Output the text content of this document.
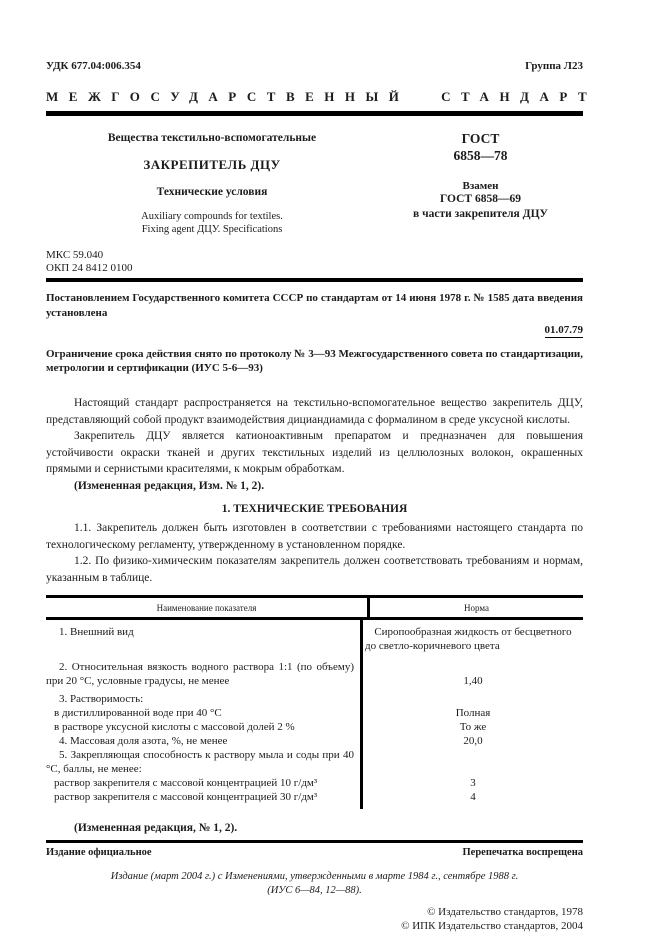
УДК 677.04:006.354	Группа Л23
МЕЖГОСУДАРСТВЕННЫЙ СТАНДАРТ
Вещества текстильно-вспомогательные
ЗАКРЕПИТЕЛЬ ДЦУ
Технические условия
Auxiliary compounds for textiles.
Fixing agent ДЦУ. Specifications
ГОСТ
6858—78
Взамен
ГОСТ 6858—69
в части закрепителя ДЦУ
МКС 59.040
ОКП 24 8412 0100
Постановлением Государственного комитета СССР по стандартам от 14 июня 1978 г. № 1585 дата введения установлена
01.07.79
Ограничение срока действия снято по протоколу № 3—93 Межгосударственного совета по стандартизации, метрологии и сертификации (ИУС 5-6—93)
Настоящий стандарт распространяется на текстильно-вспомогательное вещество закрепитель ДЦУ, представляющий собой продукт взаимодействия дициандиамида с формалином в среде уксусной кислоты.
Закрепитель ДЦУ является катионоактивным препаратом и предназначен для повышения устойчивости окраски тканей и других текстильных изделий из целлюлозных волокон, окрашенных прямыми и сернистыми красителями, к мокрым обработкам.
(Измененная редакция, Изм. № 1, 2).
1. ТЕХНИЧЕСКИЕ ТРЕБОВАНИЯ
1.1. Закрепитель должен быть изготовлен в соответствии с требованиями настоящего стандарта по технологическому регламенту, утвержденному в установленном порядке.
1.2. По физико-химическим показателям закрепитель должен соответствовать требованиям и нормам, указанным в таблице.
Наименование показателя	Норма
1. Внешний вид	Сиропообразная жидкость от бесцветного
до светло-коричневого цвета
2. Относительная вязкость водного раствора 1:1 (по объему) при 20 °С, условные градусы, не менее	1,40
3. Растворимость:
в дистиллированной воде при 40 °С	Полная
в растворе уксусной кислоты с массовой долей 2 %	То же
4. Массовая доля азота, %, не менее	20,0
5. Закрепляющая способность к раствору мыла и соды при 40 °С, баллы, не менее:
раствор закрепителя с массовой концентрацией 10 г/дм³	3
раствор закрепителя с массовой концентрацией 30 г/дм³	4
(Измененная редакция, № 1, 2).
Издание официальное	Перепечатка воспрещена
Издание (март 2004 г.) с Изменениями, утвержденными в марте 1984 г., сентябре 1988 г.
(ИУС 6—84, 12—88).
© Издательство стандартов, 1978
© ИПК Издательство стандартов, 2004
